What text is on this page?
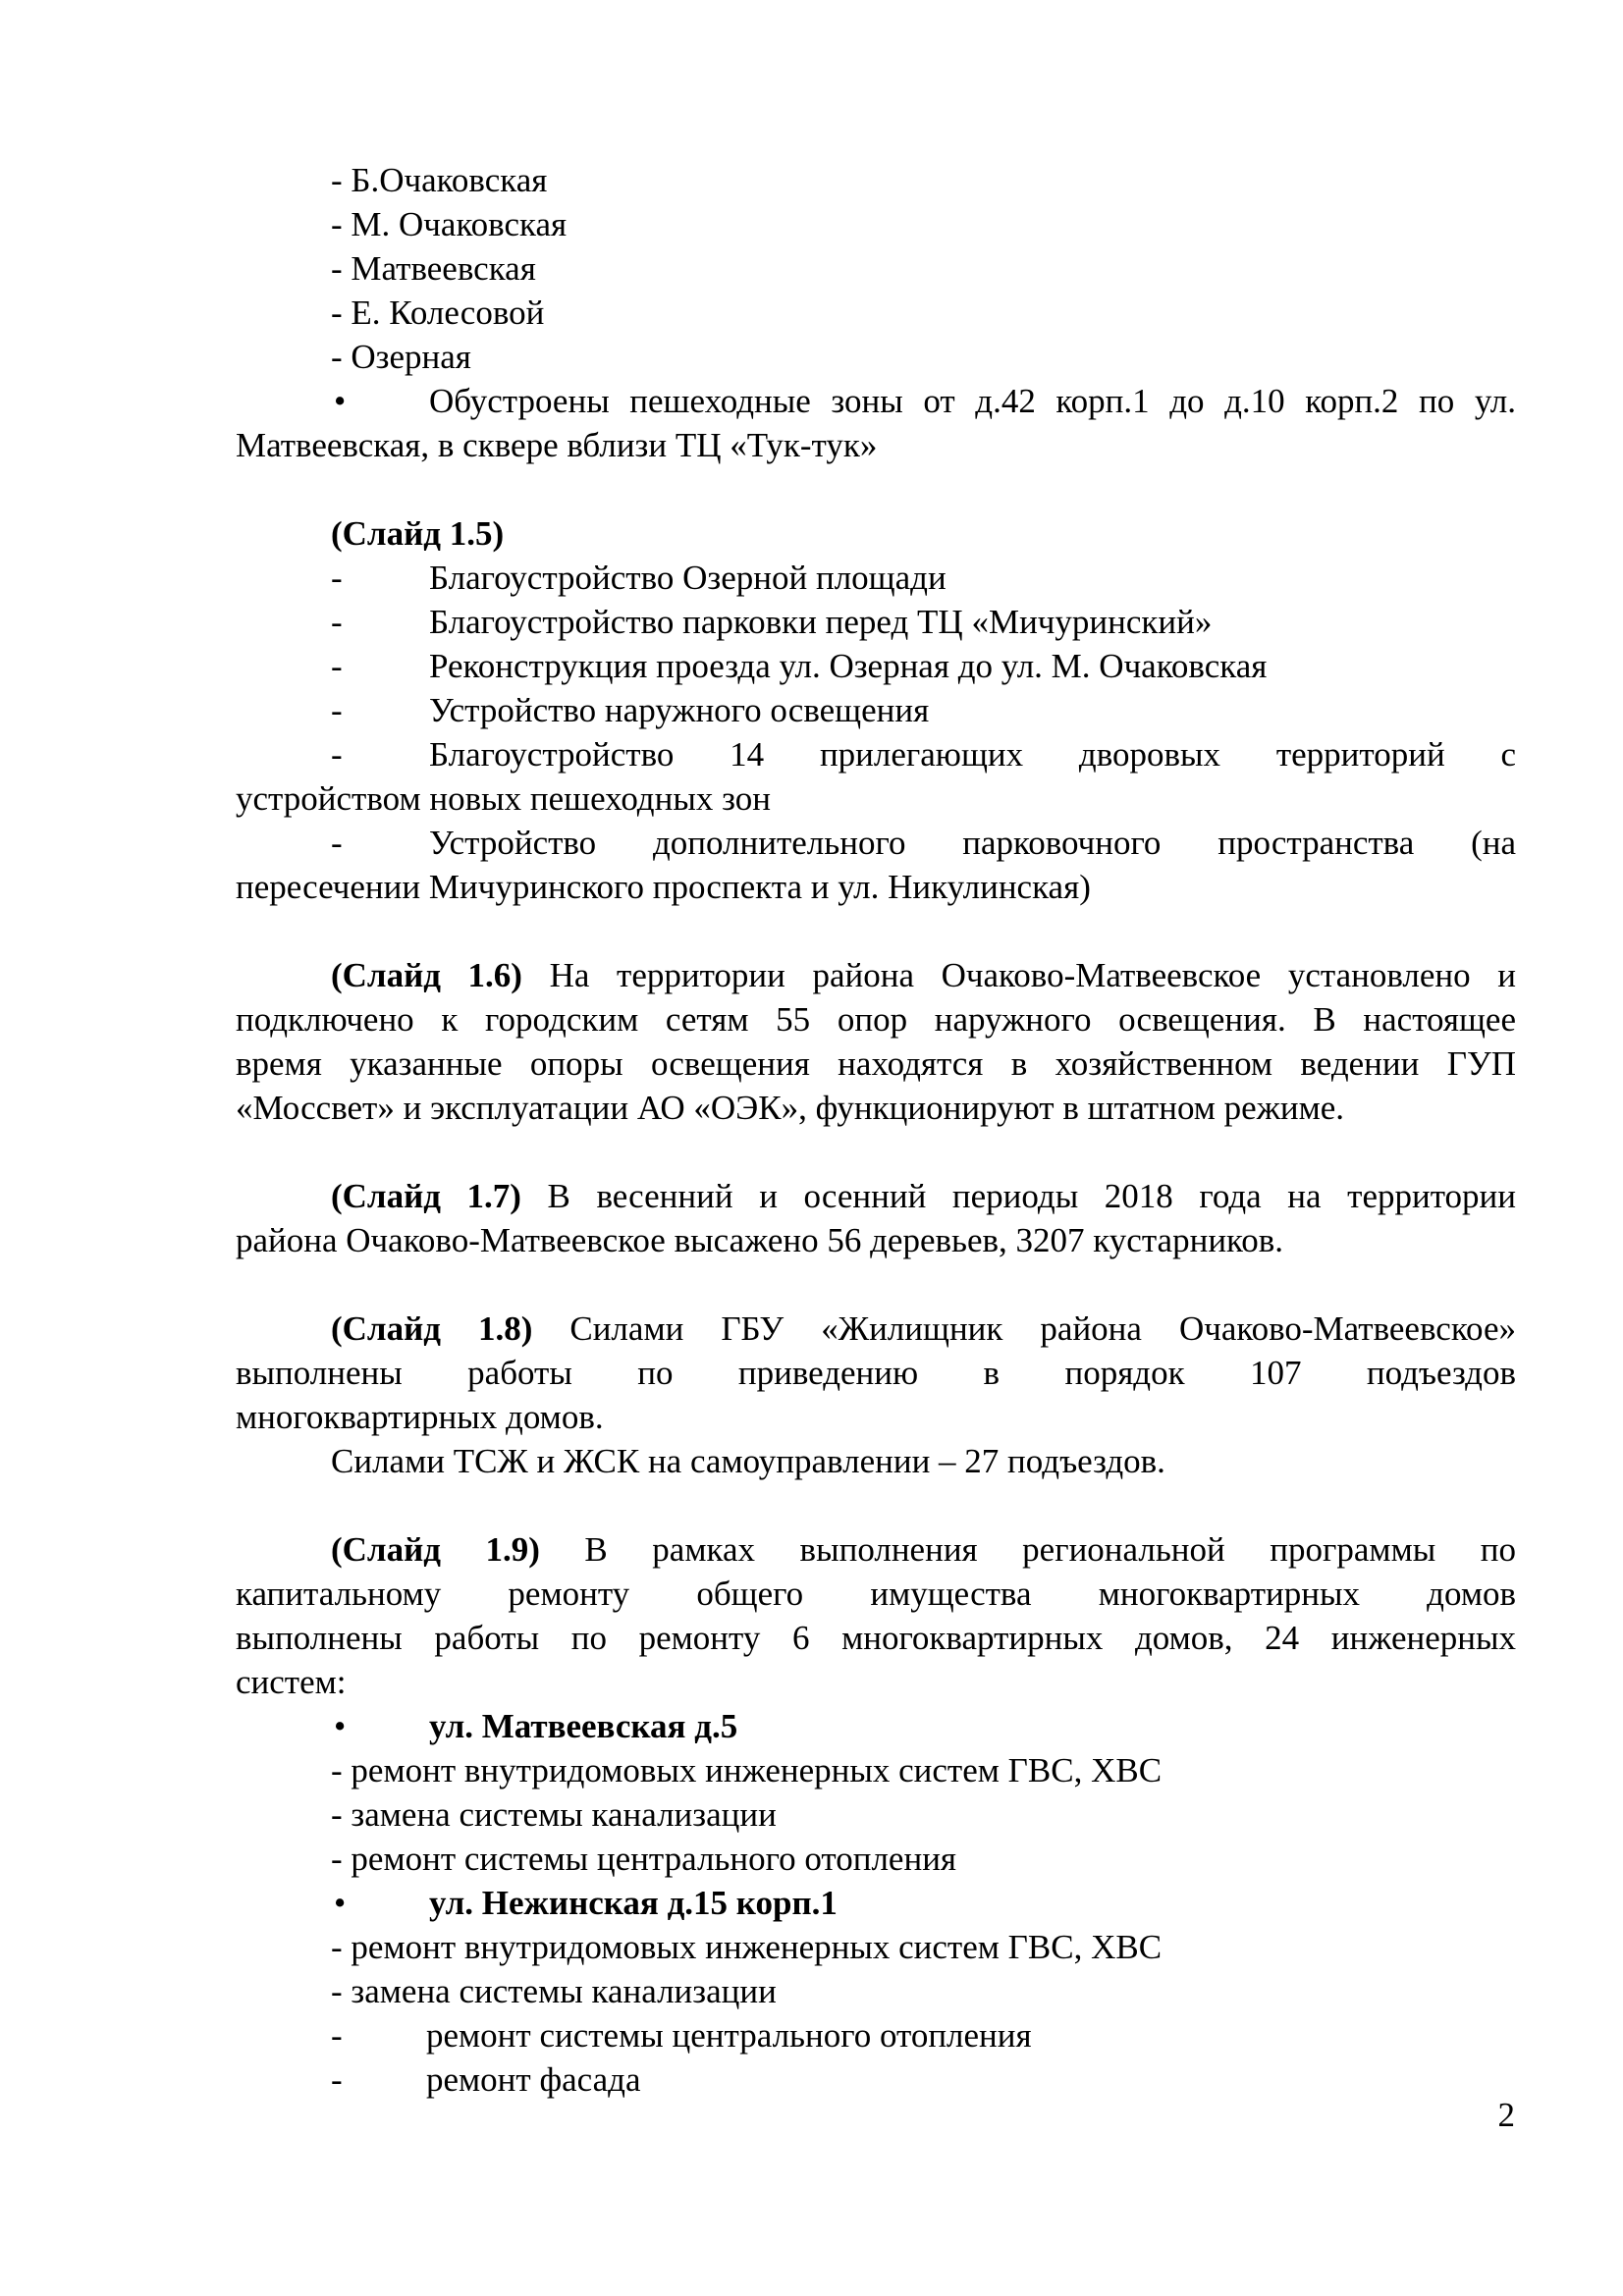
- Б.Очаковская
- М. Очаковская
- Матвеевская
- Е. Колесовой
- Озерная
•	Обустроены пешеходные зоны от д.42 корп.1 до д.10 корп.2 по ул.
Матвеевская, в сквере вблизи ТЦ «Тук-тук»
(Слайд 1.5)
-	Благоустройство Озерной площади
-	Благоустройство парковки перед ТЦ «Мичуринский»
-	Реконструкция проезда ул. Озерная до ул. М. Очаковская
-	Устройство наружного освещения
-	Благоустройство 14 прилегающих дворовых территорий с
устройством новых пешеходных зон
-	Устройство дополнительного парковочного пространства (на
пересечении Мичуринского проспекта и ул. Никулинская)
(Слайд 1.6) На территории района Очаково-Матвеевское установлено и
подключено к городским сетям 55 опор наружного освещения. В настоящее
время указанные опоры освещения находятся в хозяйственном ведении ГУП
«Моссвет» и эксплуатации АО «ОЭК», функционируют в штатном режиме.
(Слайд 1.7) В весенний и осенний периоды 2018 года на территории
района Очаково-Матвеевское высажено 56 деревьев, 3207 кустарников.
(Слайд 1.8) Силами ГБУ «Жилищник района Очаково-Матвеевское»
выполнены работы по приведению в порядок 107 подъездов
многоквартирных домов.
Силами ТСЖ и ЖСК на самоуправлении – 27 подъездов.
(Слайд 1.9) В рамках выполнения региональной программы по
капитальному ремонту общего имущества многоквартирных домов
выполнены работы по ремонту 6 многоквартирных домов, 24 инженерных
систем:
•	ул. Матвеевская д.5
- ремонт внутридомовых инженерных систем ГВС, ХВС
- замена системы канализации
- ремонт системы центрального отопления
•	ул. Нежинская д.15 корп.1
- ремонт внутридомовых инженерных систем ГВС, ХВС
- замена системы канализации
-	ремонт системы центрального отопления
-	ремонт фасада
2
